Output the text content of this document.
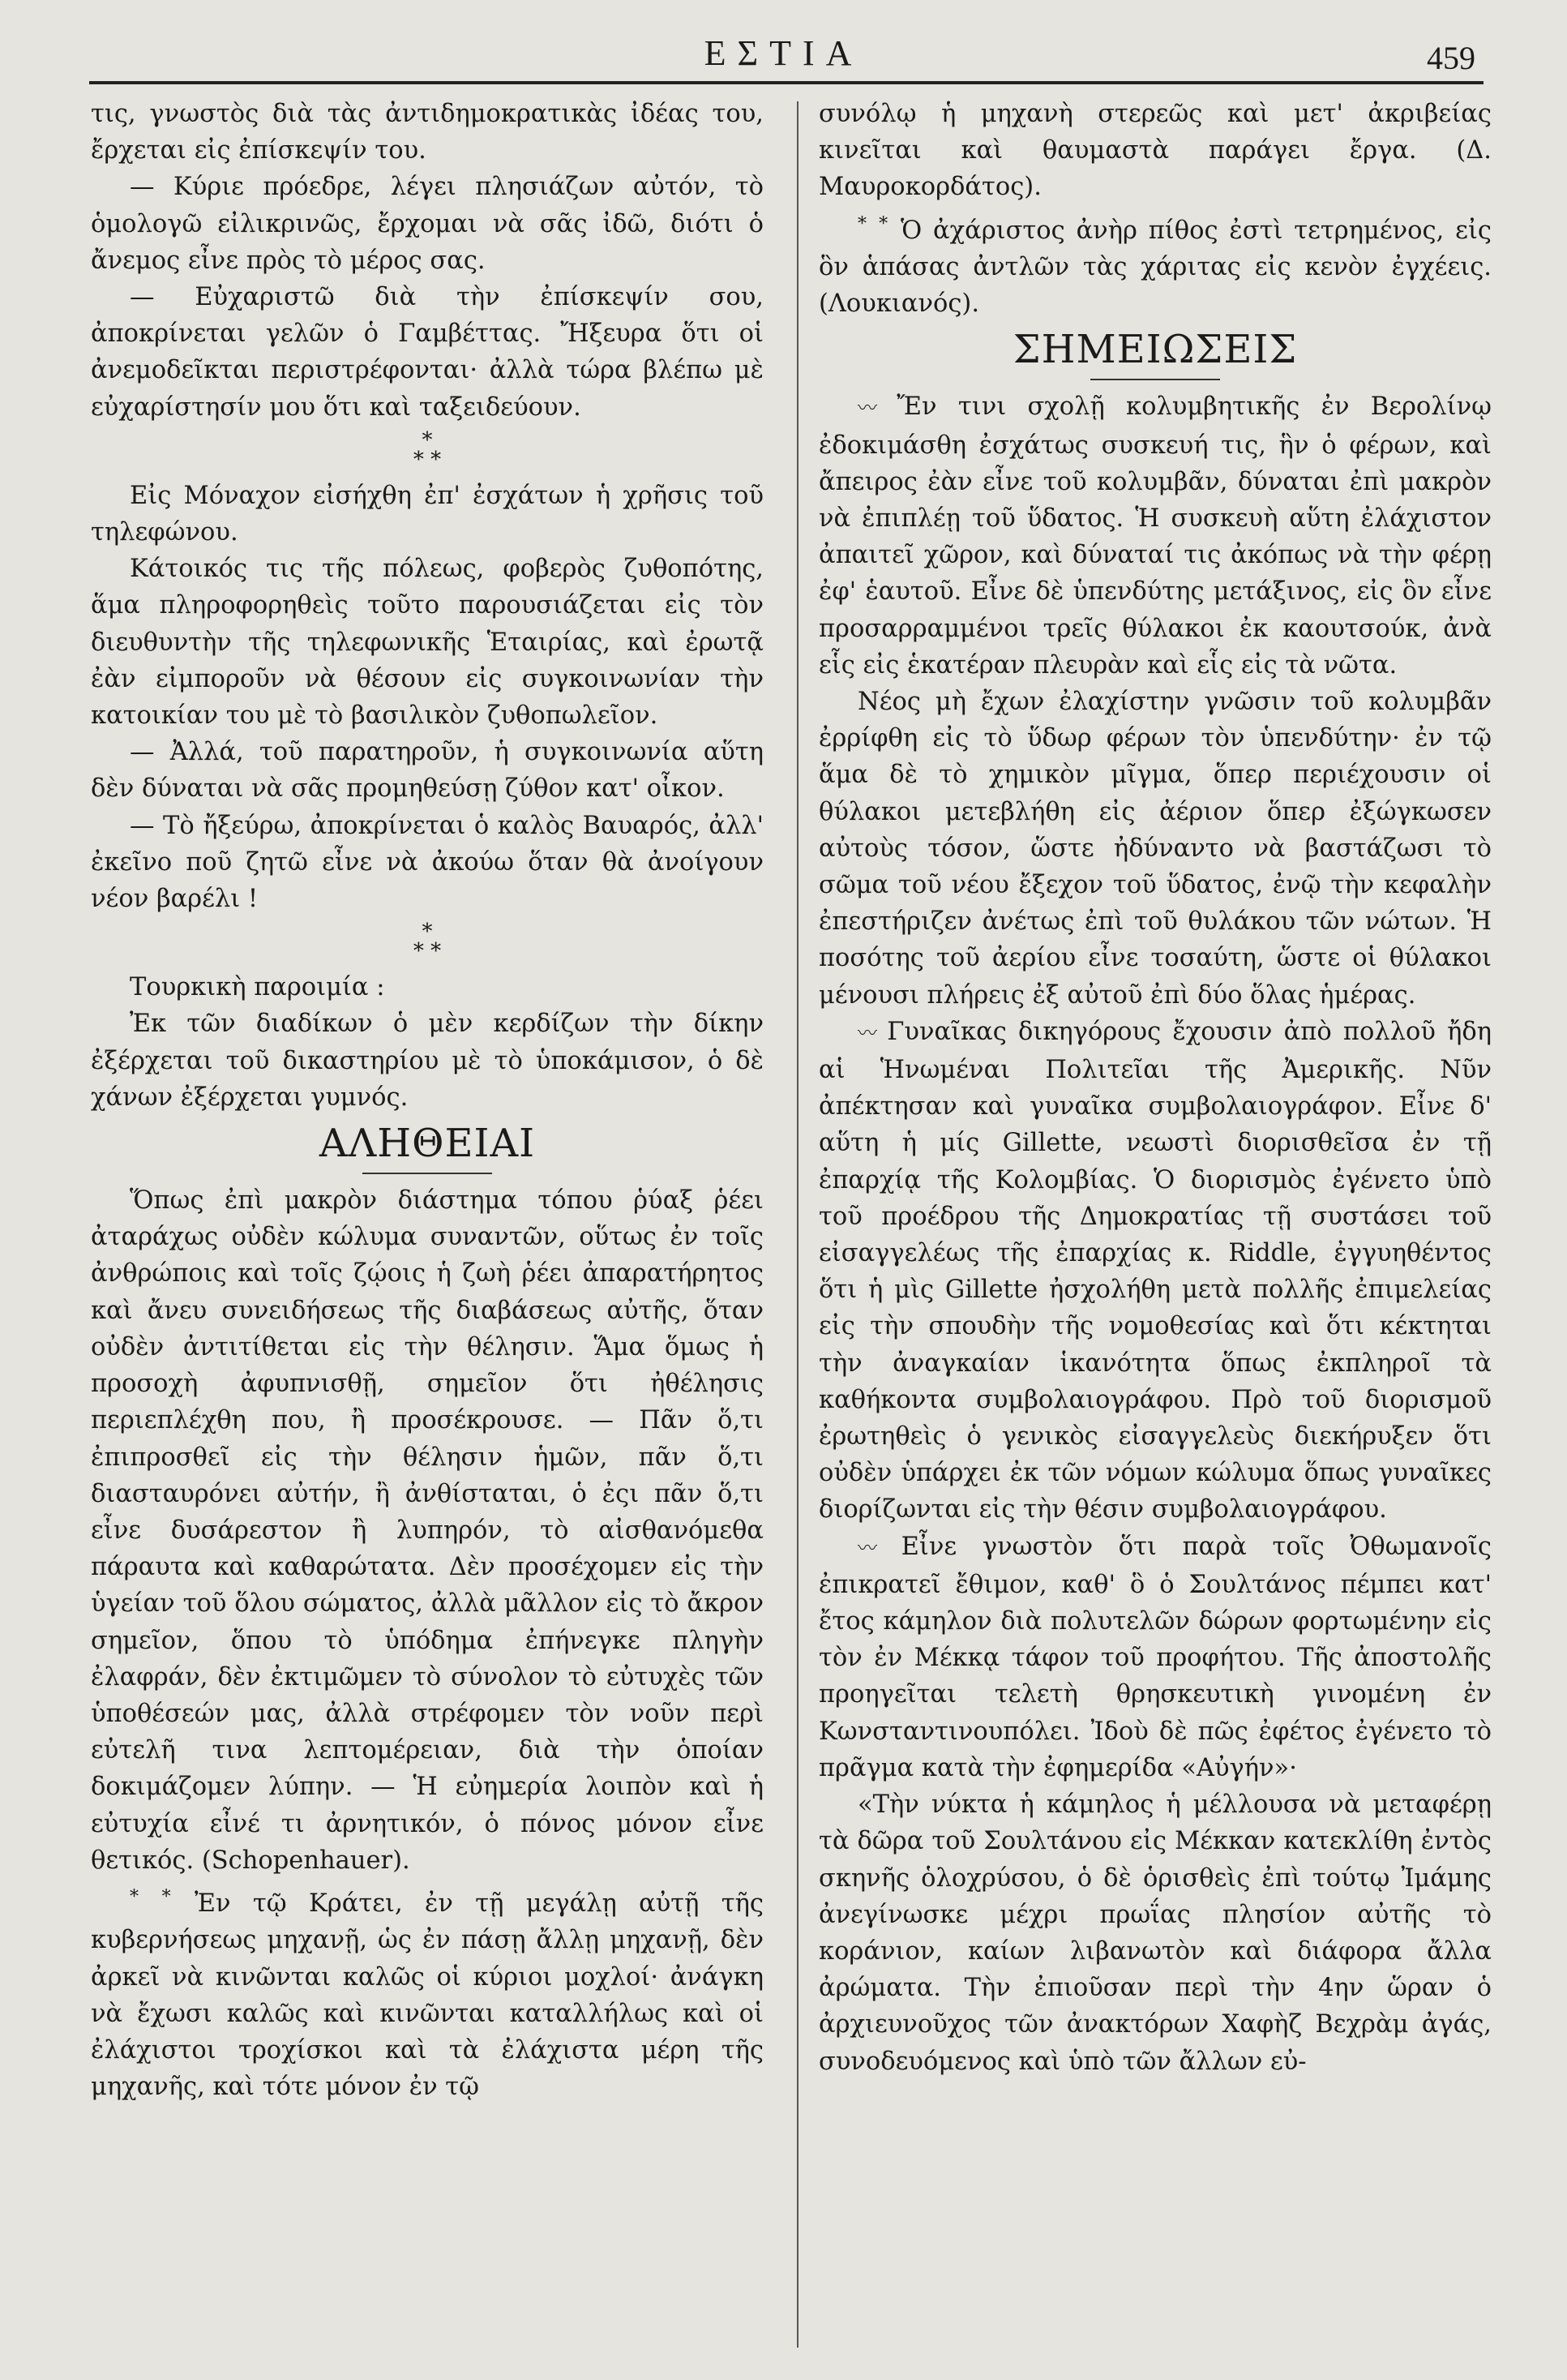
ΕΣΤΙΑ	459

τις, γνωστὸς διὰ τὰς ἀντιδημοκρατικὰς ἰδέας του, ἔρχεται εἰς ἐπίσκεψίν του.

— Κύριε πρόεδρε, λέγει πλησιάζων αὐτόν, τὸ ὁμολογῶ εἰλικρινῶς, ἔρχομαι νὰ σᾶς ἰδῶ, διότι ὁ ἄνεμος εἶνε πρὸς τὸ μέρος σας.

— Εὐχαριστῶ διὰ τὴν ἐπίσκεψίν σου, ἀποκρίνεται γελῶν ὁ Γαμβέττας. Ἤξευρα ὅτι οἱ ἀνεμοδεῖκται περιστρέφονται· ἀλλὰ τώρα βλέπω μὲ εὐχαρίστησίν μου ὅτι καὶ ταξειδεύουν.

*
* *

Εἰς Μόναχον εἰσήχθη ἐπ' ἐσχάτων ἡ χρῆσις τοῦ τηλεφώνου.

Κάτοικός τις τῆς πόλεως, φοβερὸς ζυθοπότης, ἅμα πληροφορηθεὶς τοῦτο παρουσιάζεται εἰς τὸν διευθυντὴν τῆς τηλεφωνικῆς Ἑταιρίας, καὶ ἐρωτᾷ ἐὰν εἰμποροῦν νὰ θέσουν εἰς συγκοινωνίαν τὴν κατοικίαν του μὲ τὸ βασιλικὸν ζυθοπωλεῖον.

— Ἀλλά, τοῦ παρατηροῦν, ἡ συγκοινωνία αὕτη δὲν δύναται νὰ σᾶς προμηθεύσῃ ζύθον κατ' οἶκον.

— Τὸ ἤξεύρω, ἀποκρίνεται ὁ καλὸς Βαυαρός, ἀλλ' ἐκεῖνο ποῦ ζητῶ εἶνε νὰ ἀκούω ὅταν θὰ ἀνοίγουν νέον βαρέλι !

*
* *

Τουρκικὴ παροιμία :

Ἐκ τῶν διαδίκων ὁ μὲν κερδίζων τὴν δίκην ἐξέρχεται τοῦ δικαστηρίου μὲ τὸ ὑποκάμισον, ὁ δὲ χάνων ἐξέρχεται γυμνός.

ΑΛΗΘΕΙΑΙ

Ὅπως ἐπὶ μακρὸν διάστημα τόπου ῥύαξ ῥέει ἀταράχως οὐδὲν κώλυμα συναντῶν, οὕτως ἐν τοῖς ἀνθρώποις καὶ τοῖς ζῴοις ἡ ζωὴ ῥέει ἀπαρατήρητος καὶ ἄνευ συνειδήσεως τῆς διαβάσεως αὐτῆς, ὅταν οὐδὲν ἀντιτίθεται εἰς τὴν θέλησιν. Ἅμα ὅμως ἡ προσοχὴ ἀφυπνισθῇ, σημεῖον ὅτι ἠθέλησις περιεπλέχθη που, ἢ προσέκρουσε. — Πᾶν ὅ,τι ἐπιπροσθεῖ εἰς τὴν θέλησιν ἡμῶν, πᾶν ὅ,τι διασταυρόνει αὐτήν, ἢ ἀνθίσταται, ὁ ἐςι πᾶν ὅ,τι εἶνε δυσάρεστον ἢ λυπηρόν, τὸ αἰσθανόμεθα πάραυτα καὶ καθαρώτατα. Δὲν προσέχομεν εἰς τὴν ὑγείαν τοῦ ὅλου σώματος, ἀλλὰ μᾶλλον εἰς τὸ ἄκρον σημεῖον, ὅπου τὸ ὑπόδημα ἐπήνεγκε πληγὴν ἐλαφράν, δὲν ἐκτιμῶμεν τὸ σύνολον τὸ εὐτυχὲς τῶν ὑποθέσεών μας, ἀλλὰ στρέφομεν τὸν νοῦν περὶ εὐτελῆ τινα λεπτομέρειαν, διὰ τὴν ὁποίαν δοκιμάζομεν λύπην. — Ἡ εὐημερία λοιπὸν καὶ ἡ εὐτυχία εἶνέ τι ἀρνητικόν, ὁ πόνος μόνον εἶνε θετικός. (Schopenhauer).

* * Ἐν τῷ Κράτει, ἐν τῇ μεγάλῃ αὐτῇ τῆς κυβερνήσεως μηχανῇ, ὡς ἐν πάσῃ ἄλλῃ μηχανῇ, δὲν ἀρκεῖ νὰ κινῶνται καλῶς οἱ κύριοι μοχλοί· ἀνάγκη νὰ ἔχωσι καλῶς καὶ κινῶνται καταλλήλως καὶ οἱ ἐλάχιστοι τροχίσκοι καὶ τὰ ἐλάχιστα μέρη τῆς μηχανῆς, καὶ τότε μόνον ἐν τῷ

συνόλῳ ἡ μηχανὴ στερεῶς καὶ μετ' ἀκριβείας κινεῖται καὶ θαυμαστὰ παράγει ἔργα. (Δ. Μαυροκορδάτος).

* * Ὁ ἀχάριστος ἀνὴρ πίθος ἐστὶ τετρημένος, εἰς ὃν ἁπάσας ἀντλῶν τὰς χάριτας εἰς κενὸν ἐγχέεις. (Λουκιανός).

ΣΗΜΕΙΩΣΕΙΣ

〰 Ἔν τινι σχολῇ κολυμβητικῆς ἐν Βερολίνῳ ἐδοκιμάσθη ἐσχάτως συσκευή τις, ἣν ὁ φέρων, καὶ ἄπειρος ἐὰν εἶνε τοῦ κολυμβᾶν, δύναται ἐπὶ μακρὸν νὰ ἐπιπλέῃ τοῦ ὕδατος. Ἡ συσκευὴ αὕτη ἐλάχιστον ἀπαιτεῖ χῶρον, καὶ δύναταί τις ἀκόπως νὰ τὴν φέρῃ ἐφ' ἑαυτοῦ. Εἶνε δὲ ὑπενδύτης μετάξινος, εἰς ὃν εἶνε προσαρραμμένοι τρεῖς θύλακοι ἐκ καουτσούκ, ἀνὰ εἷς εἰς ἑκατέραν πλευρὰν καὶ εἷς εἰς τὰ νῶτα.

Νέος μὴ ἔχων ἐλαχίστην γνῶσιν τοῦ κολυμβᾶν ἐρρίφθη εἰς τὸ ὕδωρ φέρων τὸν ὑπενδύτην· ἐν τῷ ἅμα δὲ τὸ χημικὸν μῖγμα, ὅπερ περιέχουσιν οἱ θύλακοι μετεβλήθη εἰς ἀέριον ὅπερ ἐξώγκωσεν αὐτοὺς τόσον, ὥστε ἠδύναντο νὰ βαστάζωσι τὸ σῶμα τοῦ νέου ἔξεχον τοῦ ὕδατος, ἐνῷ τὴν κεφαλὴν ἐπεστήριζεν ἀνέτως ἐπὶ τοῦ θυλάκου τῶν νώτων. Ἡ ποσότης τοῦ ἀερίου εἶνε τοσαύτη, ὥστε οἱ θύλακοι μένουσι πλήρεις ἐξ αὐτοῦ ἐπὶ δύο ὅλας ἡμέρας.

〰 Γυναῖκας δικηγόρους ἔχουσιν ἀπὸ πολλοῦ ἤδη αἱ Ἡνωμέναι Πολιτεῖαι τῆς Ἀμερικῆς. Νῦν ἀπέκτησαν καὶ γυναῖκα συμβολαιογράφον. Εἶνε δ' αὕτη ἡ μίς Gillette, νεωστὶ διορισθεῖσα ἐν τῇ ἐπαρχίᾳ τῆς Κολομβίας. Ὁ διορισμὸς ἐγένετο ὑπὸ τοῦ προέδρου τῆς Δημοκρατίας τῇ συστάσει τοῦ εἰσαγγελέως τῆς ἐπαρχίας κ. Riddle, ἐγγυηθέντος ὅτι ἡ μὶς Gillette ἠσχολήθη μετὰ πολλῆς ἐπιμελείας εἰς τὴν σπουδὴν τῆς νομοθεσίας καὶ ὅτι κέκτηται τὴν ἀναγκαίαν ἱκανότητα ὅπως ἐκπληροῖ τὰ καθήκοντα συμβολαιογράφου. Πρὸ τοῦ διορισμοῦ ἐρωτηθεὶς ὁ γενικὸς εἰσαγγελεὺς διεκήρυξεν ὅτι οὐδὲν ὑπάρχει ἐκ τῶν νόμων κώλυμα ὅπως γυναῖκες διορίζωνται εἰς τὴν θέσιν συμβολαιογράφου.

〰 Εἶνε γνωστὸν ὅτι παρὰ τοῖς Ὀθωμανοῖς ἐπικρατεῖ ἔθιμον, καθ' ὃ ὁ Σουλτάνος πέμπει κατ' ἔτος κάμηλον διὰ πολυτελῶν δώρων φορτωμένην εἰς τὸν ἐν Μέκκᾳ τάφον τοῦ προφήτου. Τῆς ἀποστολῆς προηγεῖται τελετὴ θρησκευτικὴ γινομένη ἐν Κωνσταντινουπόλει. Ἰδοὺ δὲ πῶς ἐφέτος ἐγένετο τὸ πρᾶγμα κατὰ τὴν ἐφημερίδα «Αὐγήν»·

«Τὴν νύκτα ἡ κάμηλος ἡ μέλλουσα νὰ μεταφέρῃ τὰ δῶρα τοῦ Σουλτάνου εἰς Μέκκαν κατεκλίθη ἐντὸς σκηνῆς ὁλοχρύσου, ὁ δὲ ὁρισθεὶς ἐπὶ τούτῳ Ἰμάμης ἀνεγίνωσκε μέχρι πρωΐας πλησίον αὐτῆς τὸ κοράνιον, καίων λιβανωτὸν καὶ διάφορα ἄλλα ἀρώματα. Τὴν ἐπιοῦσαν περὶ τὴν 4ην ὥραν ὁ ἀρχιευνοῦχος τῶν ἀνακτόρων Χαφὴζ Βεχρὰμ ἀγάς, συνοδευόμενος καὶ ὑπὸ τῶν ἄλλων εὐ-
